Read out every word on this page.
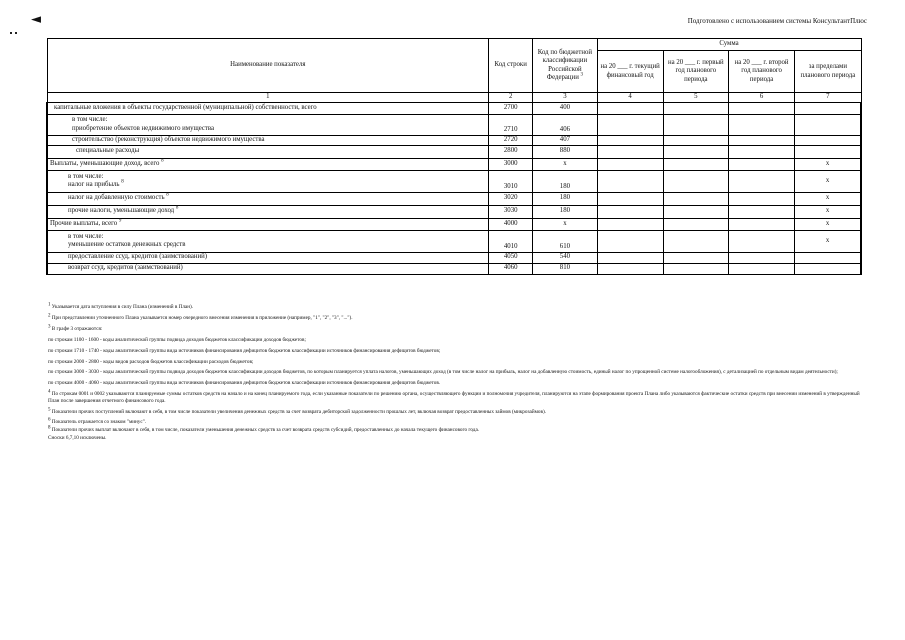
◄	Подготовлено с использованием системы КонсультантПлюс
Наименование показателя	Код строки	Код по бюджетной классификации Российской Федерации $^3$	Сумма			
			на 20 ___ г. текущий финансовый год	на 20 ___ г. первый год планового периода	на 20 ___ г. второй год планового периода	за пределами планового периода
1	2	3	4	5	6	7
капитальные вложения в объекты государственной (муниципальной) собственности, всего	2700	400				

в том числе:
приобретение объектов недвижимого имущества	2710	406				
строительство (реконструкция) объектов недвижимого имущества	2720	407				
специальные расходы	2800	880				
Выплаты, уменьшающие доход, всего $^8$	3000	x				x

в том числе:
налог на прибыль $^8$	3010	180				x
налог на добавленную стоимость $^8$	3020	180				x
прочие налоги, уменьшающие доход $^8$	3030	180				x
Прочие выплаты, всего $^9$	4000	x				x

в том числе:
уменьшение остатков денежных средств	4010	610				x
предоставление ссуд, кредитов (заимствований)	4050	540				
возврат ссуд, кредитов (заимствований)	4060	810				
$^1$ Указывается дата вступления в силу Плана (изменений в План).
$^2$ При представлении уточненного Плана указывается номер очередного внесения изменения в приложение (например, "1", "2", "3", "...").
$^3$ В графе 3 отражаются:
по строкам 1100 - 1600 - коды аналитической группы подвида доходов бюджетов классификации доходов бюджетов;
по строкам 1710 - 1740 - коды аналитической группы вида источников финансирования дефицитов бюджетов классификации источников финансирования дефицитов бюджетов;
по строкам 2000 - 2800 - коды видов расходов бюджетов классификации расходов бюджетов;
по строкам 3000 - 3030 - коды аналитической группы подвида доходов бюджетов классификации доходов бюджетов, по которым планируется уплата налогов, уменьшающих доход (в том числе налог на прибыль, налог на добавленную стоимость, единый налог по упрощенной системе налогообложения), с детализацией по отдельным видам деятельности);
по строкам 4000 - 4060 - коды аналитической группы вида источников финансирования дефицитов бюджетов классификации источников финансирования дефицитов бюджетов.
$^4$ По строкам 0001 и 0002 указываются планируемые суммы остатков средств на начало и на конец планируемого года, если указанные показатели по решению органа, осуществляющего функции и полномочия учредителя, планируются на этапе формирования проекта Плана либо указываются фактические остатки средств при внесении изменений в утвержденный План после завершения отчетного финансового года.
$^5$ Показатели прочих поступлений включают в себя, в том числе показатели увеличения денежных средств за счет возврата дебиторской задолженности прошлых лет, включая возврат предоставленных займов (микрозаймов).
$^6$ Показатель отражается со знаком "минус".
$^8$ Показатели прочих выплат включают в себя, в том числе, показатели уменьшения денежных средств за счет возврата средств субсидий, предоставленных до начала текущего финансового года.
Сноски 6,7,10 исключены.
